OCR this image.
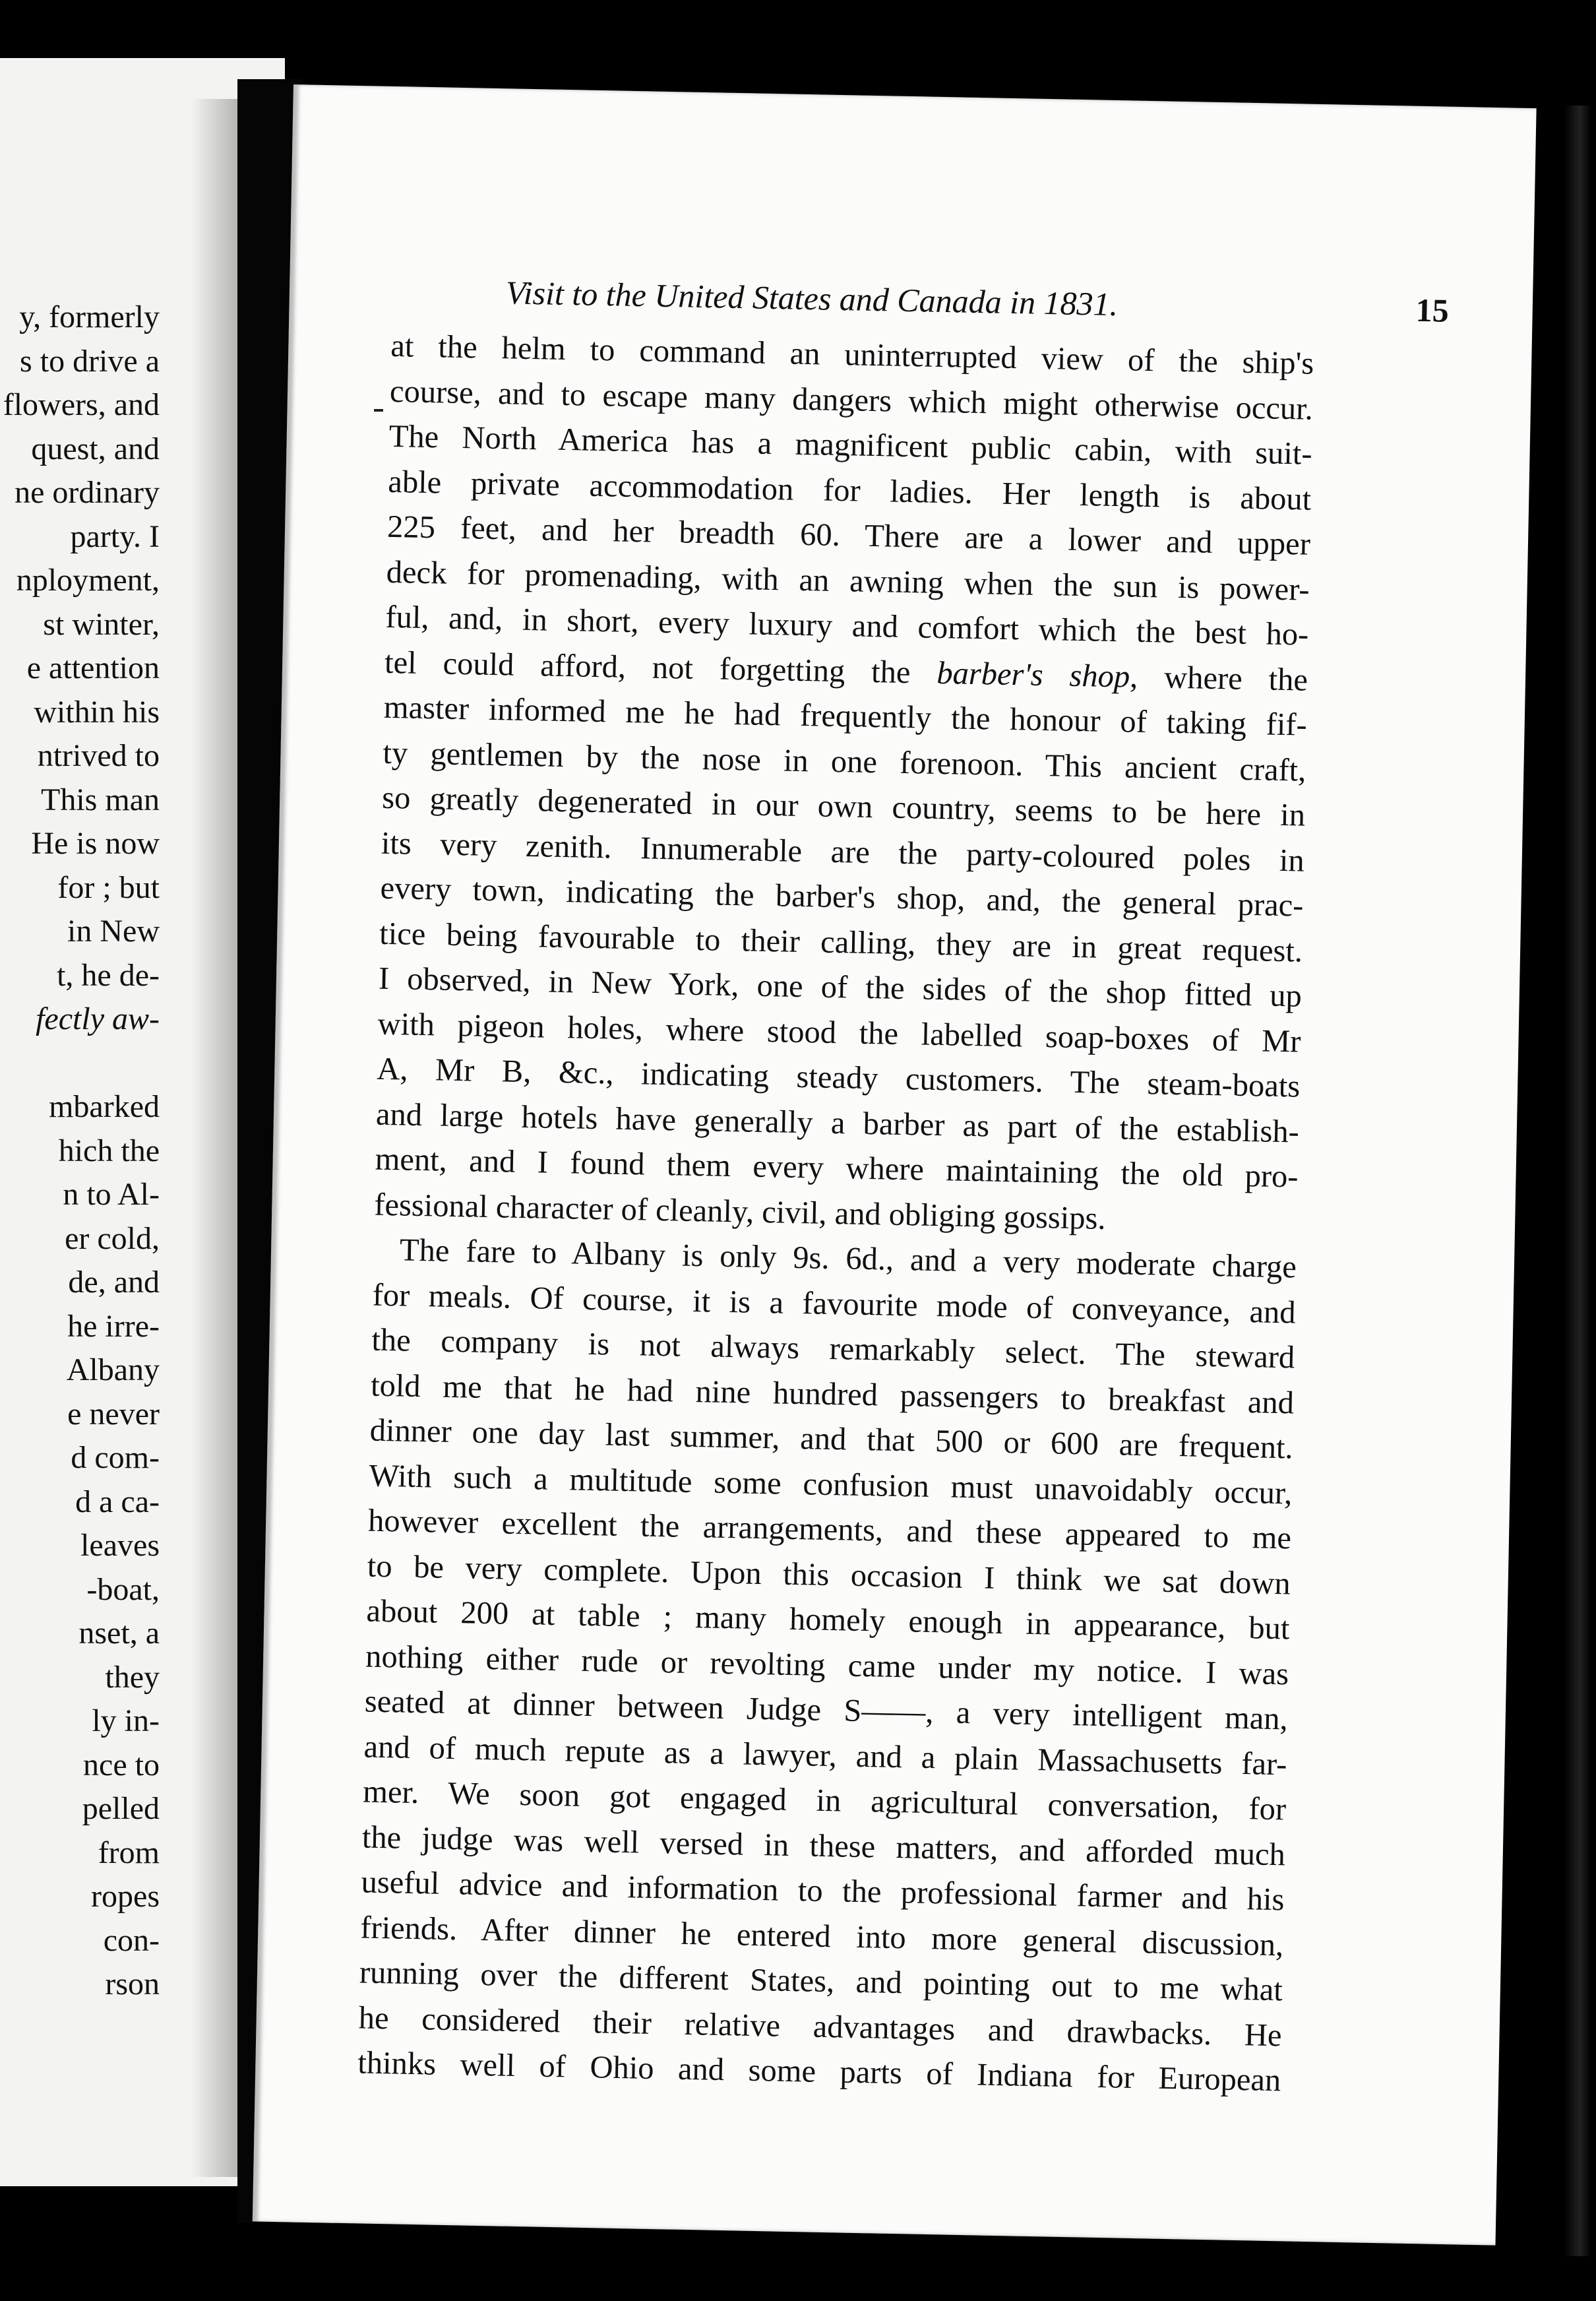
y, formerly
s to drive a
flowers, and
quest, and
ne ordinary
party. I
nployment,
st winter,
e attention
within his
ntrived to
This man
He is now
for ; but
in New
t, he de-
fectly aw-
mbarked
hich the
n to Al-
er cold,
de, and
he irre-
Albany
e never
d com-
d a ca-
leaves
-boat,
nset, a
they
ly in-
nce to
pelled
from
ropes
con-
rson
Visit to the United States and Canada in 1831.	15
at the helm to command an uninterrupted view of the ship's
course, and to escape many dangers which might otherwise occur.
The North America has a magnificent public cabin, with suit-
able private accommodation for ladies. Her length is about
225 feet, and her breadth 60. There are a lower and upper
deck for promenading, with an awning when the sun is power-
ful, and, in short, every luxury and comfort which the best ho-
tel could afford, not forgetting the barber's shop, where the
master informed me he had frequently the honour of taking fif-
ty gentlemen by the nose in one forenoon. This ancient craft,
so greatly degenerated in our own country, seems to be here in
its very zenith. Innumerable are the party-coloured poles in
every town, indicating the barber's shop, and, the general prac-
tice being favourable to their calling, they are in great request.
I observed, in New York, one of the sides of the shop fitted up
with pigeon holes, where stood the labelled soap-boxes of Mr
A, Mr B, &c., indicating steady customers. The steam-boats
and large hotels have generally a barber as part of the establish-
ment, and I found them every where maintaining the old pro-
fessional character of cleanly, civil, and obliging gossips.
The fare to Albany is only 9s. 6d., and a very moderate charge
for meals. Of course, it is a favourite mode of conveyance, and
the company is not always remarkably select. The steward
told me that he had nine hundred passengers to breakfast and
dinner one day last summer, and that 500 or 600 are frequent.
With such a multitude some confusion must unavoidably occur,
however excellent the arrangements, and these appeared to me
to be very complete. Upon this occasion I think we sat down
about 200 at table ; many homely enough in appearance, but
nothing either rude or revolting came under my notice. I was
seated at dinner between Judge S——, a very intelligent man,
and of much repute as a lawyer, and a plain Massachusetts far-
mer. We soon got engaged in agricultural conversation, for
the judge was well versed in these matters, and afforded much
useful advice and information to the professional farmer and his
friends. After dinner he entered into more general discussion,
running over the different States, and pointing out to me what
he considered their relative advantages and drawbacks. He
thinks well of Ohio and some parts of Indiana for European
